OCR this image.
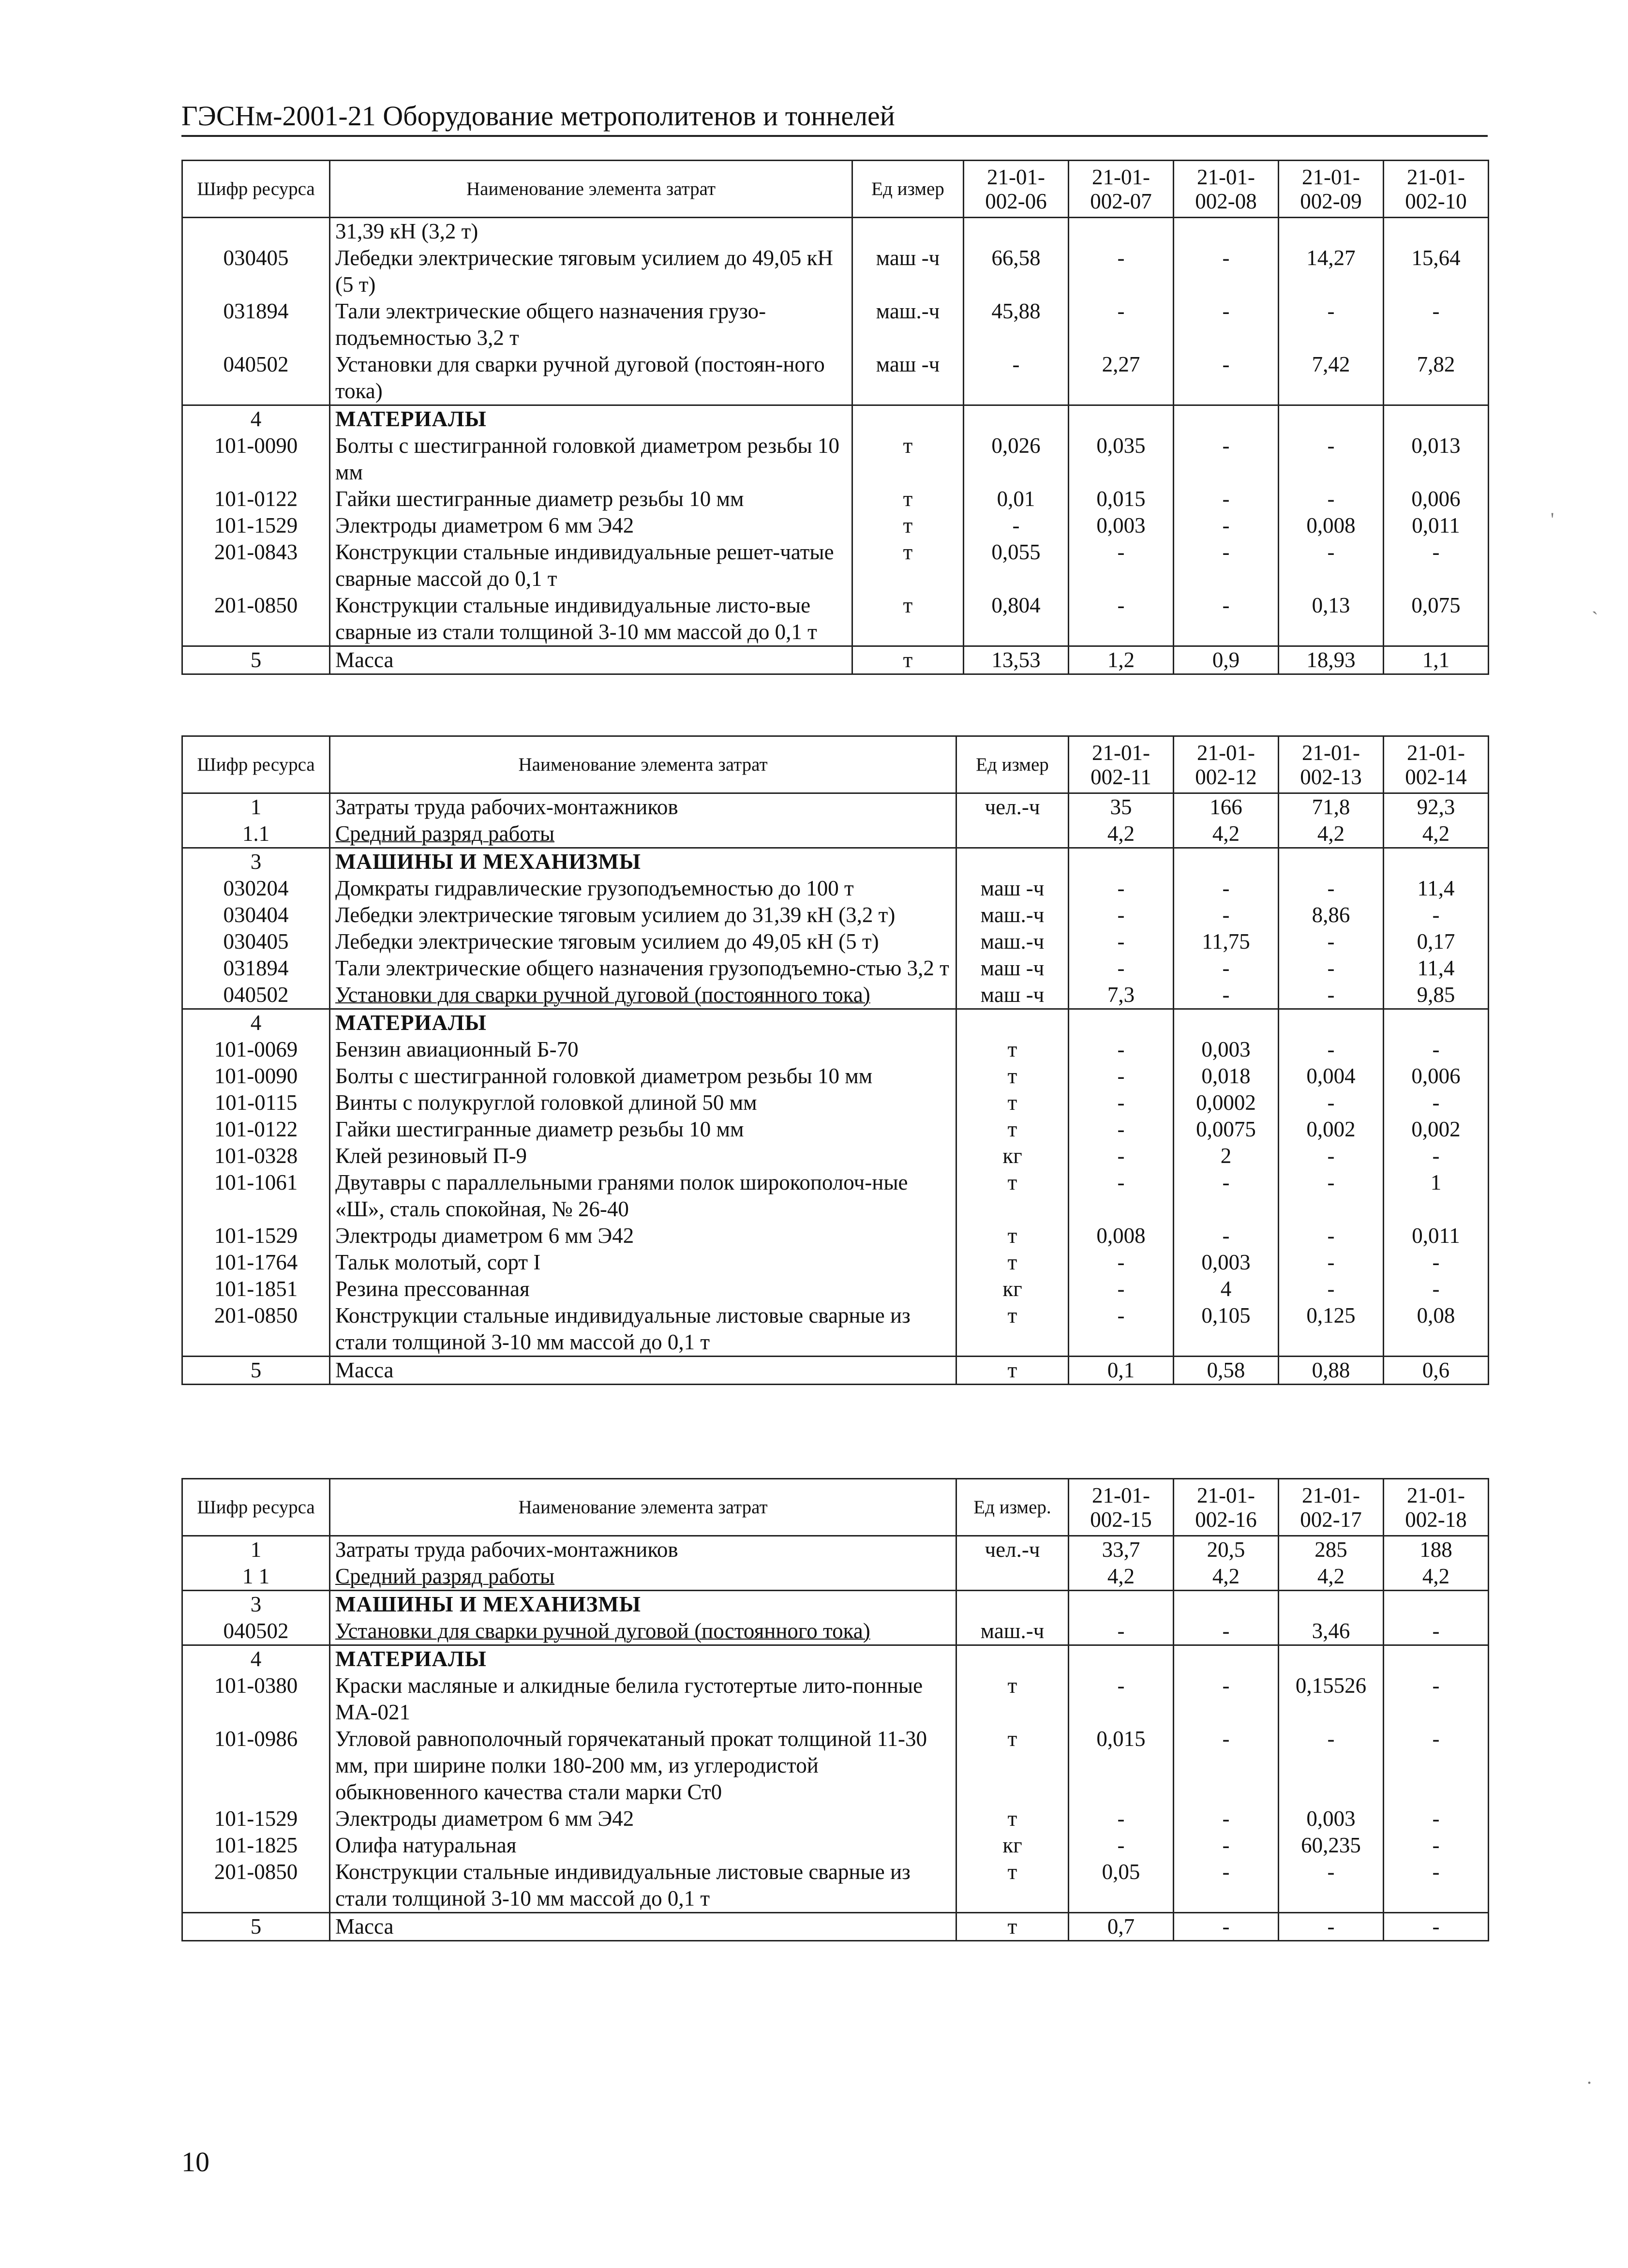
ГЭСНм-2001-21 Оборудование метрополитенов и тоннелей
Шифр ресурса	Наименование элемента затрат	Ед измер	21-01-002-06	21-01-002-07	21-01-002-08	21-01-002-09	21-01-002-10
	31,39 кН (3,2 т)						
030405	Лебедки электрические тяговым усилием до 49,05 кН (5 т)	маш -ч	66,58	-	-	14,27	15,64
031894	Тали электрические общего назначения грузо-подъемностью 3,2 т	маш.-ч	45,88	-	-	-	-
040502	Установки для сварки ручной дуговой (постоян-ного тока)	маш -ч	-	2,27	-	7,42	7,82
4	МАТЕРИАЛЫ						
101-0090	Болты с шестигранной головкой диаметром резьбы 10 мм	т	0,026	0,035	-	-	0,013
101-0122	Гайки шестигранные диаметр резьбы 10 мм	т	0,01	0,015	-	-	0,006
101-1529	Электроды диаметром 6 мм Э42	т	-	0,003	-	0,008	0,011
201-0843	Конструкции стальные индивидуальные решет-чатые сварные массой до 0,1 т	т	0,055	-	-	-	-
201-0850	Конструкции стальные индивидуальные листо-вые сварные из стали толщиной 3-10 мм массой до 0,1 т	т	0,804	-	-	0,13	0,075
5	Масса	т	13,53	1,2	0,9	18,93	1,1
Шифр ресурса	Наименование элемента затрат	Ед измер	21-01-002-11	21-01-002-12	21-01-002-13	21-01-002-14
1	Затраты труда рабочих-монтажников	чел.-ч	35	166	71,8	92,3
1.1	Средний разряд работы		4,2	4,2	4,2	4,2
3	МАШИНЫ И МЕХАНИЗМЫ					
030204	Домкраты гидравлические грузоподъемностью до 100 т	маш -ч	-	-	-	11,4
030404	Лебедки электрические тяговым усилием до 31,39 кН (3,2 т)	маш.-ч	-	-	8,86	-
030405	Лебедки электрические тяговым усилием до 49,05 кН (5 т)	маш.-ч	-	11,75	-	0,17
031894	Тали электрические общего назначения грузоподъемно-стью 3,2 т	маш -ч	-	-	-	11,4
040502	Установки для сварки ручной дуговой (постоянного тока)	маш -ч	7,3	-	-	9,85
4	МАТЕРИАЛЫ					
101-0069	Бензин авиационный Б-70	т	-	0,003	-	-
101-0090	Болты с шестигранной головкой диаметром резьбы 10 мм	т	-	0,018	0,004	0,006
101-0115	Винты с полукруглой головкой длиной 50 мм	т	-	0,0002	-	-
101-0122	Гайки шестигранные диаметр резьбы 10 мм	т	-	0,0075	0,002	0,002
101-0328	Клей резиновый П-9	кг	-	2	-	-
101-1061	Двутавры с параллельными гранями полок широкополоч-ные «Ш», сталь спокойная, № 26-40	т	-	-	-	1
101-1529	Электроды диаметром 6 мм Э42	т	0,008	-	-	0,011
101-1764	Тальк молотый, сорт I	т	-	0,003	-	-
101-1851	Резина прессованная	кг	-	4	-	-
201-0850	Конструкции стальные индивидуальные листовые сварные из стали толщиной 3-10 мм массой до 0,1 т	т	-	0,105	0,125	0,08
5	Масса	т	0,1	0,58	0,88	0,6
Шифр ресурса	Наименование элемента затрат	Ед измер.	21-01-002-15	21-01-002-16	21-01-002-17	21-01-002-18
1	Затраты труда рабочих-монтажников	чел.-ч	33,7	20,5	285	188
1 1	Средний разряд работы		4,2	4,2	4,2	4,2
3	МАШИНЫ И МЕХАНИЗМЫ					
040502	Установки для сварки ручной дуговой (постоянного тока)	маш.-ч	-	-	3,46	-
4	МАТЕРИАЛЫ					
101-0380	Краски масляные и алкидные белила густотертые лито-понные МА-021	т	-	-	0,15526	-
101-0986	Угловой равнополочный горячекатаный прокат толщиной 11-30 мм, при ширине полки 180-200 мм, из углеродистой обыкновенного качества стали марки Ст0	т	0,015	-	-	-
101-1529	Электроды диаметром 6 мм Э42	т	-	-	0,003	-
101-1825	Олифа натуральная	кг	-	-	60,235	-
201-0850	Конструкции стальные индивидуальные листовые сварные из стали толщиной 3-10 мм массой до 0,1 т	т	0,05	-	-	-
5	Масса	т	0,7	-	-	-
10
'
`
.
